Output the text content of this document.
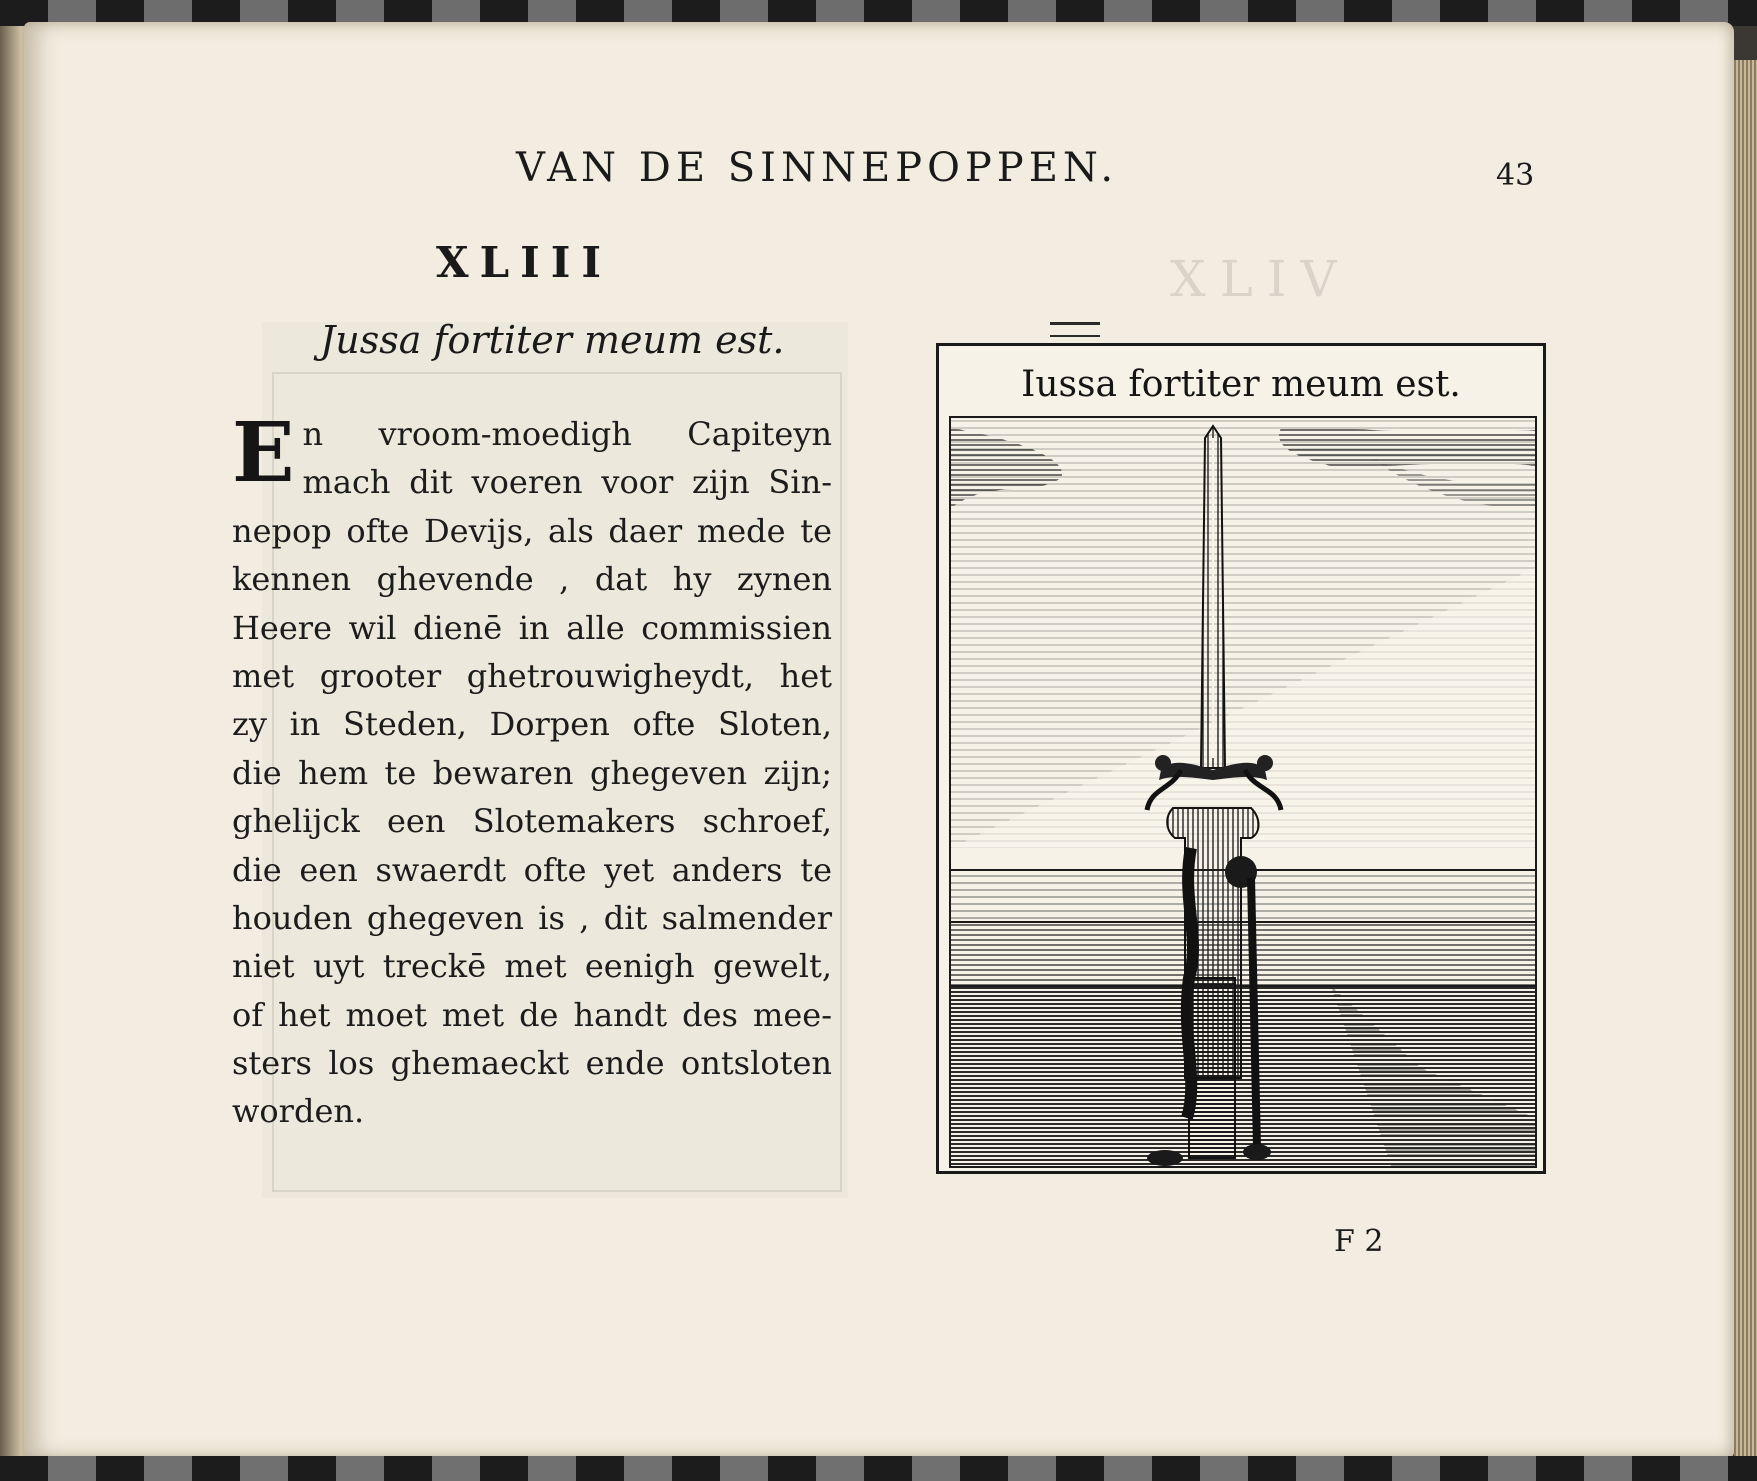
XLIV
VAN DE SINNEPOPPEN.	43
XLIII
Jussa fortiter meum est.
E n vroom-moedigh Capiteyn
mach dit voeren voor zijn Sin-
nepop ofte Devijs, als daer mede te
kennen ghevende , dat hy zynen
Heere wil dienē in alle commissien
met grooter ghetrouwigheydt, het
zy in Steden, Dorpen ofte Sloten,
die hem te bewaren ghegeven zijn;
ghelijck een Slotemakers schroef,
die een swaerdt ofte yet anders te
houden ghegeven is , dit salmender
niet uyt treckē met eenigh gewelt,
of het moet met de handt des mee-
sters los ghemaeckt ende ontsloten
worden.
Iussa fortiter meum est.
F 2
